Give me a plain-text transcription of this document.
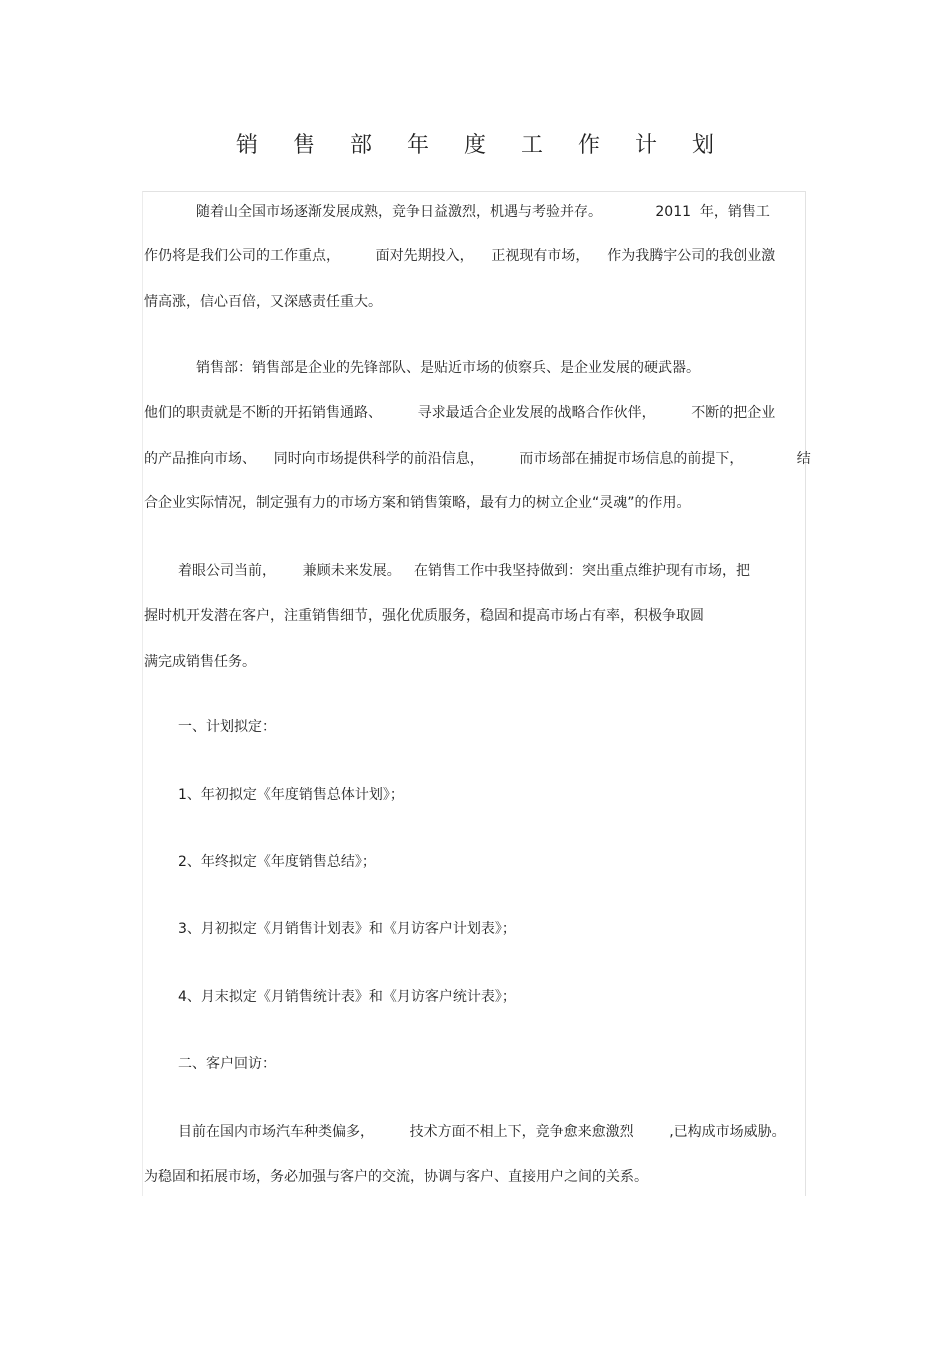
销 售 部 年 度 工 作 计 划
随着山全国市场逐渐发展成熟，竞争日益激烈，机遇与考验并存。            2011  年，销售工
作仍将是我们公司的工作重点，        面对先期投入，    正视现有市场，    作为我腾宇公司的我创业激
情高涨，信心百倍，又深感责任重大。
销售部：销售部是企业的先锋部队、是贴近市场的侦察兵、是企业发展的硬武器。
他们的职责就是不断的开拓销售通路、        寻求最适合企业发展的战略合作伙伴，        不断的把企业
的产品推向市场、    同时向市场提供科学的前沿信息，        而市场部在捕捉市场信息的前提下，            结
合企业实际情况，制定强有力的市场方案和销售策略，最有力的树立企业“灵魂”的作用。
着眼公司当前，      兼顾未来发展。   在销售工作中我坚持做到：突出重点维护现有市场，把
握时机开发潜在客户，注重销售细节，强化优质服务，稳固和提高市场占有率，积极争取圆
满完成销售任务。
一、计划拟定：
1、年初拟定《年度销售总体计划》；
2、年终拟定《年度销售总结》；
3、月初拟定《月销售计划表》和《月访客户计划表》；
4、月末拟定《月销售统计表》和《月访客户统计表》；
二、客户回访：
目前在国内市场汽车种类偏多，        技术方面不相上下，竞争愈来愈激烈        ,已构成市场威胁。
为稳固和拓展市场，务必加强与客户的交流，协调与客户、直接用户之间的关系。
